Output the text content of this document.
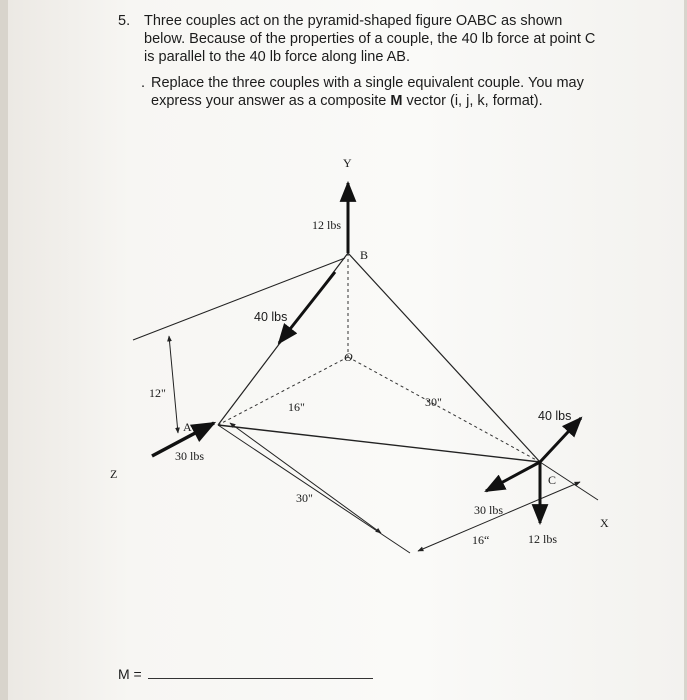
5. Three couples act on the pyramid-shaped figure OABC as shown
below. Because of the properties of a couple, the 40 lb force at point C
is parallel to the 40 lb force along line AB.
. Replace the three couples with a single equivalent couple. You may
express your answer as a composite M vector (i, j, k, format).
Y
12 lbs
B
40 lbs
O
12"
16"	30"
40 lbs
A
30 lbs
Z	C
30"
30 lbs
X
16“	12 lbs
M =
